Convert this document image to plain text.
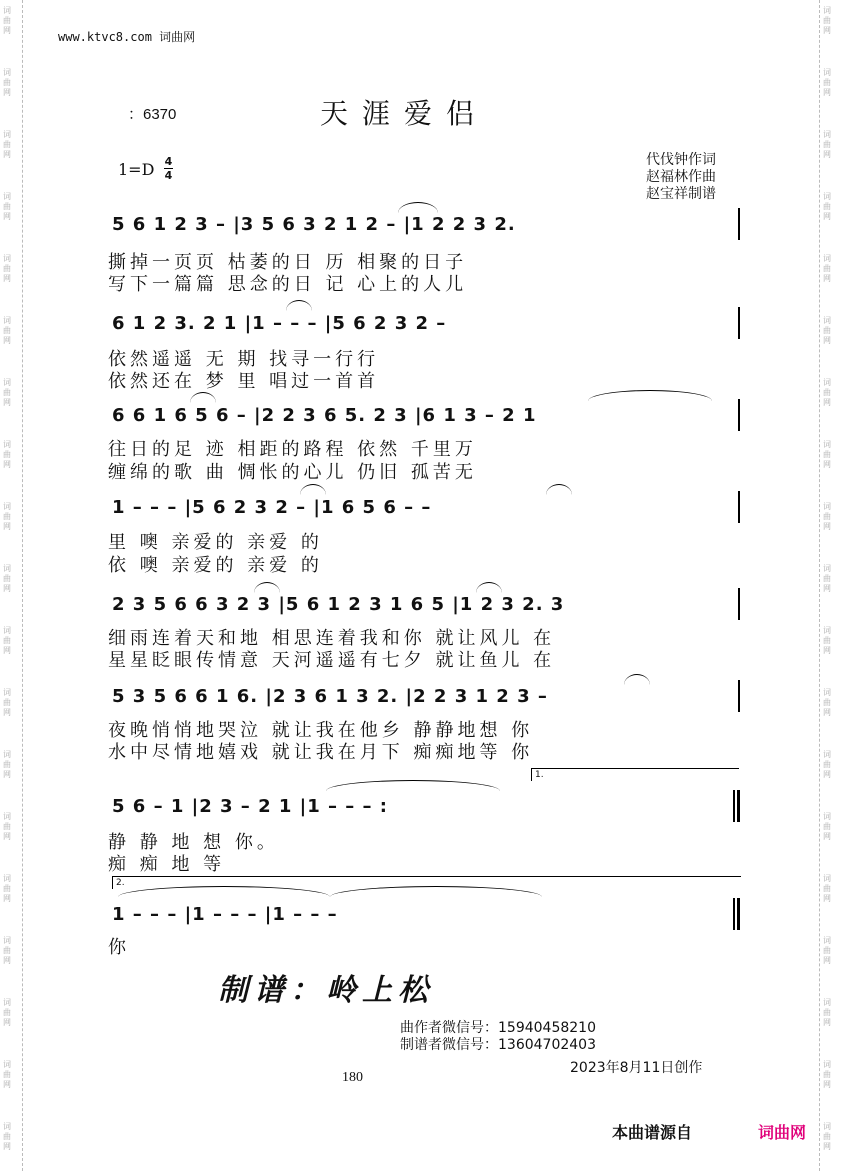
词曲网
词曲网
词曲网
词曲网
词曲网
词曲网
词曲网
词曲网
词曲网
词曲网
词曲网
词曲网
词曲网
词曲网
词曲网
词曲网
词曲网
词曲网
词曲网
词曲网
词曲网
词曲网
词曲网
词曲网
词曲网
词曲网
词曲网
词曲网
词曲网
词曲网
词曲网
词曲网
词曲网
词曲网
词曲网
词曲网
词曲网
词曲网
www.ktvc8.com 词曲网
：6370	天涯爱侣
1=D 4
4
代伐钟作词
赵福林作曲
赵宝祥制谱
5 6 1 2 3 – |3 5 6 3 2 1 2 – |1 2 2 3 2.
撕掉一页页 枯萎的日 历 相聚的日子
写下一篇篇 思念的日 记 心上的人儿
6 1 2 3. 2 1 |1 – – – |5 6 2 3 2 –
依然遥遥 无 期 找寻一行行
依然还在 梦 里 唱过一首首
6 6 1 6 5 6 – |2 2 3 6 5. 2 3 |6 1 3 – 2 1
往日的足 迹 相距的路程 依然 千里万
缠绵的歌 曲 惆怅的心儿 仍旧 孤苦无
1 – – – |5 6 2 3 2 – |1 6 5 6 – –
里 噢 亲爱的 亲爱 的
依 噢 亲爱的 亲爱 的
2 3 5 6 6 3 2 3 |5 6 1 2 3 1 6 5 |1 2 3 2. 3
细雨连着天和地 相思连着我和你 就让风儿 在
星星眨眼传情意 天河遥遥有七夕 就让鱼儿 在
5 3 5 6 6 1 6. |2 3 6 1 3 2. |2 2 3 1 2 3 –
夜晚悄悄地哭泣 就让我在他乡 静静地想 你
水中尽情地嬉戏 就让我在月下 痴痴地等 你
1.
5 6 – 1 |2 3 – 2 1 |1 – – – :
静 静 地 想 你。
痴 痴 地 等
2.
1 – – – |1 – – – |1 – – –
你
制谱：岭上松
曲作者微信号：15940458210
制谱者微信号：13604702403
180
2023年8月11日创作
本曲谱源自	词曲网
